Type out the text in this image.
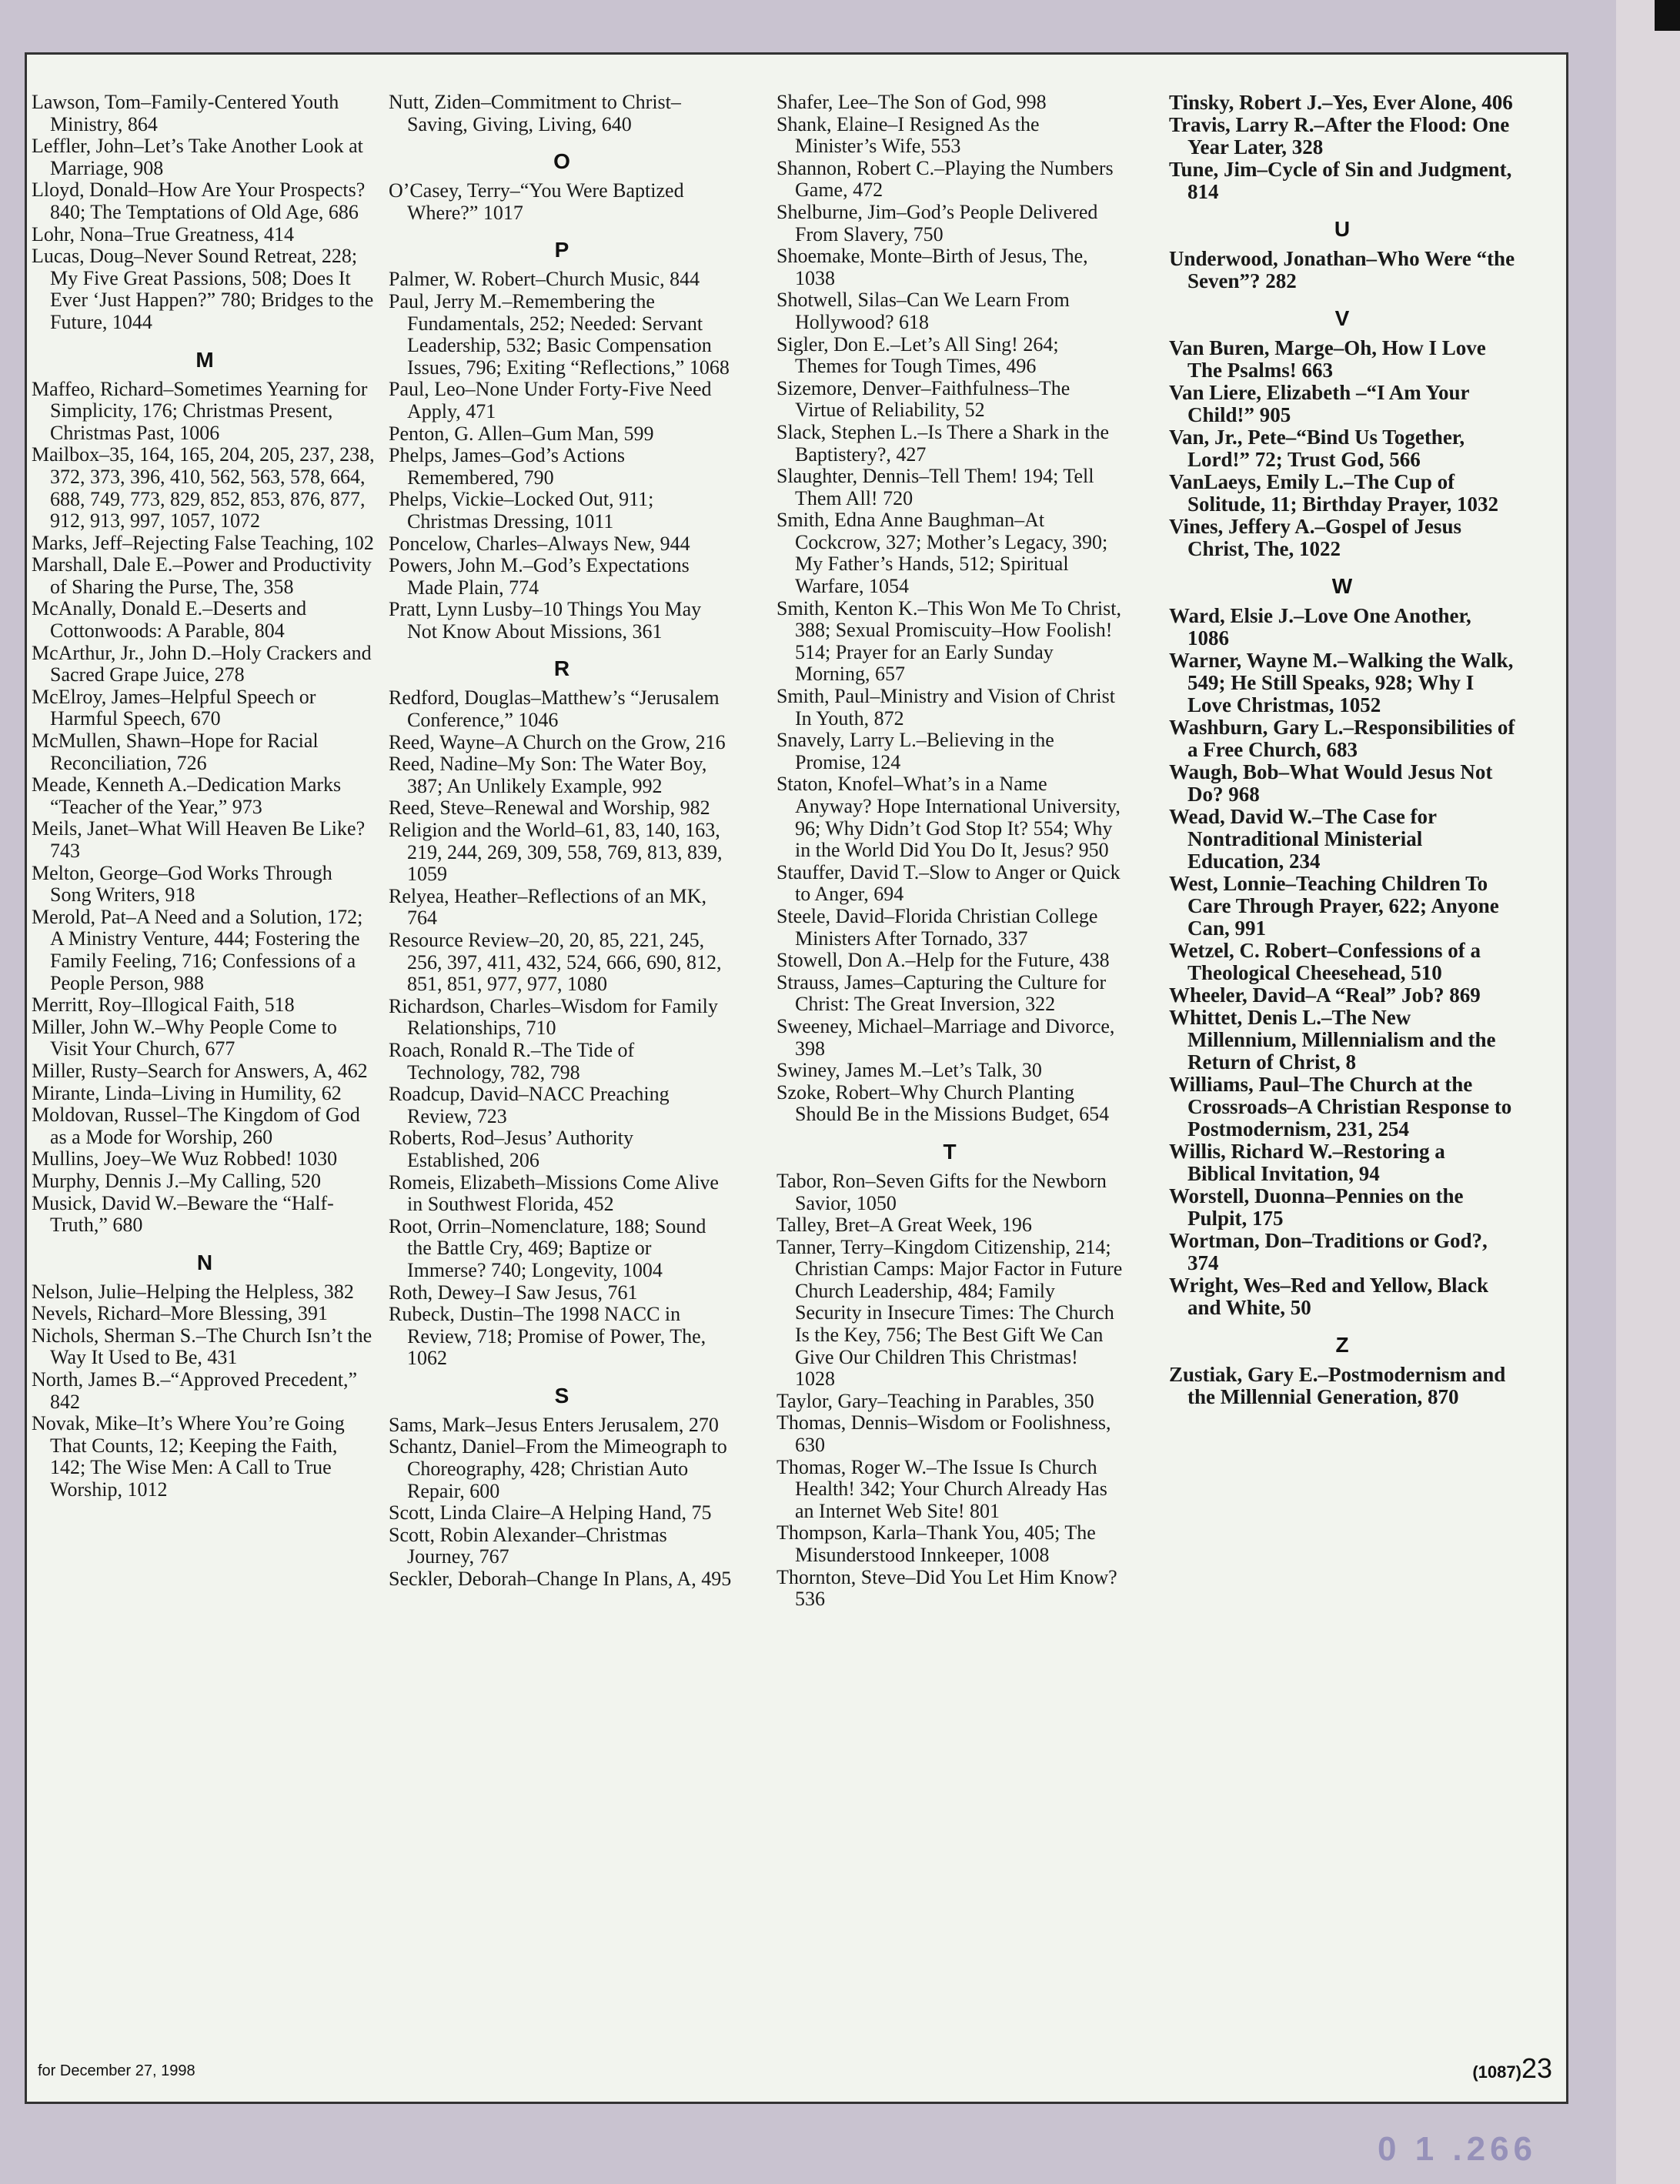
Lawson, Tom–Family-Centered Youth Ministry, 864
Leffler, John–Let’s Take Another Look at Marriage, 908
Lloyd, Donald–How Are Your Prospects? 840; The Temptations of Old Age, 686
Lohr, Nona–True Greatness, 414
Lucas, Doug–Never Sound Retreat, 228; My Five Great Passions, 508; Does It Ever ‘Just Happen?” 780; Bridges to the Future, 1044
M
Maffeo, Richard–Sometimes Yearning for Simplicity, 176; Christmas Present, Christmas Past, 1006
Mailbox–35, 164, 165, 204, 205, 237, 238, 372, 373, 396, 410, 562, 563, 578, 664, 688, 749, 773, 829, 852, 853, 876, 877, 912, 913, 997, 1057, 1072
Marks, Jeff–Rejecting False Teaching, 102
Marshall, Dale E.–Power and Productivity of Sharing the Purse, The, 358
McAnally, Donald E.–Deserts and Cottonwoods: A Parable, 804
McArthur, Jr., John D.–Holy Crackers and Sacred Grape Juice, 278
McElroy, James–Helpful Speech or Harmful Speech, 670
McMullen, Shawn–Hope for Racial Reconciliation, 726
Meade, Kenneth A.–Dedication Marks “Teacher of the Year,” 973
Meils, Janet–What Will Heaven Be Like? 743
Melton, George–God Works Through Song Writers, 918
Merold, Pat–A Need and a Solution, 172; A Ministry Venture, 444; Fostering the Family Feeling, 716; Confessions of a People Person, 988
Merritt, Roy–Illogical Faith, 518
Miller, John W.–Why People Come to Visit Your Church, 677
Miller, Rusty–Search for Answers, A, 462
Mirante, Linda–Living in Humility, 62
Moldovan, Russel–The Kingdom of God as a Mode for Worship, 260
Mullins, Joey–We Wuz Robbed! 1030
Murphy, Dennis J.–My Calling, 520
Musick, David W.–Beware the “Half-Truth,” 680
N
Nelson, Julie–Helping the Helpless, 382
Nevels, Richard–More Blessing, 391
Nichols, Sherman S.–The Church Isn’t the Way It Used to Be, 431
North, James B.–“Approved Precedent,” 842
Novak, Mike–It’s Where You’re Going That Counts, 12; Keeping the Faith, 142; The Wise Men: A Call to True Worship, 1012
Nutt, Ziden–Commitment to Christ–Saving, Giving, Living, 640
O
O’Casey, Terry–“You Were Baptized Where?” 1017
P
Palmer, W. Robert–Church Music, 844
Paul, Jerry M.–Remembering the Fundamentals, 252; Needed: Servant Leadership, 532; Basic Compensation Issues, 796; Exiting “Reflections,” 1068
Paul, Leo–None Under Forty-Five Need Apply, 471
Penton, G. Allen–Gum Man, 599
Phelps, James–God’s Actions Remembered, 790
Phelps, Vickie–Locked Out, 911; Christmas Dressing, 1011
Poncelow, Charles–Always New, 944
Powers, John M.–God’s Expectations Made Plain, 774
Pratt, Lynn Lusby–10 Things You May Not Know About Missions, 361
R
Redford, Douglas–Matthew’s “Jerusalem Conference,” 1046
Reed, Wayne–A Church on the Grow, 216
Reed, Nadine–My Son: The Water Boy, 387; An Unlikely Example, 992
Reed, Steve–Renewal and Worship, 982
Religion and the World–61, 83, 140, 163, 219, 244, 269, 309, 558, 769, 813, 839, 1059
Relyea, Heather–Reflections of an MK, 764
Resource Review–20, 20, 85, 221, 245, 256, 397, 411, 432, 524, 666, 690, 812, 851, 851, 977, 977, 1080
Richardson, Charles–Wisdom for Family Relationships, 710
Roach, Ronald R.–The Tide of Technology, 782, 798
Roadcup, David–NACC Preaching Review, 723
Roberts, Rod–Jesus’ Authority Established, 206
Romeis, Elizabeth–Missions Come Alive in Southwest Florida, 452
Root, Orrin–Nomenclature, 188; Sound the Battle Cry, 469; Baptize or Immerse? 740; Longevity, 1004
Roth, Dewey–I Saw Jesus, 761
Rubeck, Dustin–The 1998 NACC in Review, 718; Promise of Power, The, 1062
S
Sams, Mark–Jesus Enters Jerusalem, 270
Schantz, Daniel–From the Mimeograph to Choreography, 428; Christian Auto Repair, 600
Scott, Linda Claire–A Helping Hand, 75
Scott, Robin Alexander–Christmas Journey, 767
Seckler, Deborah–Change In Plans, A, 495
Shafer, Lee–The Son of God, 998
Shank, Elaine–I Resigned As the Minister’s Wife, 553
Shannon, Robert C.–Playing the Numbers Game, 472
Shelburne, Jim–God’s People Delivered From Slavery, 750
Shoemake, Monte–Birth of Jesus, The, 1038
Shotwell, Silas–Can We Learn From Hollywood? 618
Sigler, Don E.–Let’s All Sing! 264; Themes for Tough Times, 496
Sizemore, Denver–Faithfulness–The Virtue of Reliability, 52
Slack, Stephen L.–Is There a Shark in the Baptistery?, 427
Slaughter, Dennis–Tell Them! 194; Tell Them All! 720
Smith, Edna Anne Baughman–At Cockcrow, 327; Mother’s Legacy, 390; My Father’s Hands, 512; Spiritual Warfare, 1054
Smith, Kenton K.–This Won Me To Christ, 388; Sexual Promiscuity–How Foolish! 514; Prayer for an Early Sunday Morning, 657
Smith, Paul–Ministry and Vision of Christ In Youth, 872
Snavely, Larry L.–Believing in the Promise, 124
Staton, Knofel–What’s in a Name Anyway? Hope International University, 96; Why Didn’t God Stop It? 554; Why in the World Did You Do It, Jesus? 950
Stauffer, David T.–Slow to Anger or Quick to Anger, 694
Steele, David–Florida Christian College Ministers After Tornado, 337
Stowell, Don A.–Help for the Future, 438
Strauss, James–Capturing the Culture for Christ: The Great Inversion, 322
Sweeney, Michael–Marriage and Divorce, 398
Swiney, James M.–Let’s Talk, 30
Szoke, Robert–Why Church Planting Should Be in the Missions Budget, 654
T
Tabor, Ron–Seven Gifts for the Newborn Savior, 1050
Talley, Bret–A Great Week, 196
Tanner, Terry–Kingdom Citizenship, 214; Christian Camps: Major Factor in Future Church Leadership, 484; Family Security in Insecure Times: The Church Is the Key, 756; The Best Gift We Can Give Our Children This Christmas! 1028
Taylor, Gary–Teaching in Parables, 350
Thomas, Dennis–Wisdom or Foolishness, 630
Thomas, Roger W.–The Issue Is Church Health! 342; Your Church Already Has an Internet Web Site! 801
Thompson, Karla–Thank You, 405; The Misunderstood Innkeeper, 1008
Thornton, Steve–Did You Let Him Know? 536
Tinsky, Robert J.–Yes, Ever Alone, 406
Travis, Larry R.–After the Flood: One Year Later, 328
Tune, Jim–Cycle of Sin and Judgment, 814
U
Underwood, Jonathan–Who Were “the Seven”? 282
V
Van Buren, Marge–Oh, How I Love The Psalms! 663
Van Liere, Elizabeth –“I Am Your Child!” 905
Van, Jr., Pete–“Bind Us Together, Lord!” 72; Trust God, 566
VanLaeys, Emily L.–The Cup of Solitude, 11; Birthday Prayer, 1032
Vines, Jeffery A.–Gospel of Jesus Christ, The, 1022
W
Ward, Elsie J.–Love One Another, 1086
Warner, Wayne M.–Walking the Walk, 549; He Still Speaks, 928; Why I Love Christmas, 1052
Washburn, Gary L.–Responsibilities of a Free Church, 683
Waugh, Bob–What Would Jesus Not Do? 968
Wead, David W.–The Case for Nontraditional Ministerial Education, 234
West, Lonnie–Teaching Children To Care Through Prayer, 622; Anyone Can, 991
Wetzel, C. Robert–Confessions of a Theological Cheesehead, 510
Wheeler, David–A “Real” Job? 869
Whittet, Denis L.–The New Millennium, Millennialism and the Return of Christ, 8
Williams, Paul–The Church at the Crossroads–A Christian Response to Postmodernism, 231, 254
Willis, Richard W.–Restoring a Biblical Invitation, 94
Worstell, Duonna–Pennies on the Pulpit, 175
Wortman, Don–Traditions or God?, 374
Wright, Wes–Red and Yellow, Black and White, 50
Z
Zustiak, Gary E.–Postmodernism and the Millennial Generation, 870
for December 27, 1998	(1087)23
0 1 .266
